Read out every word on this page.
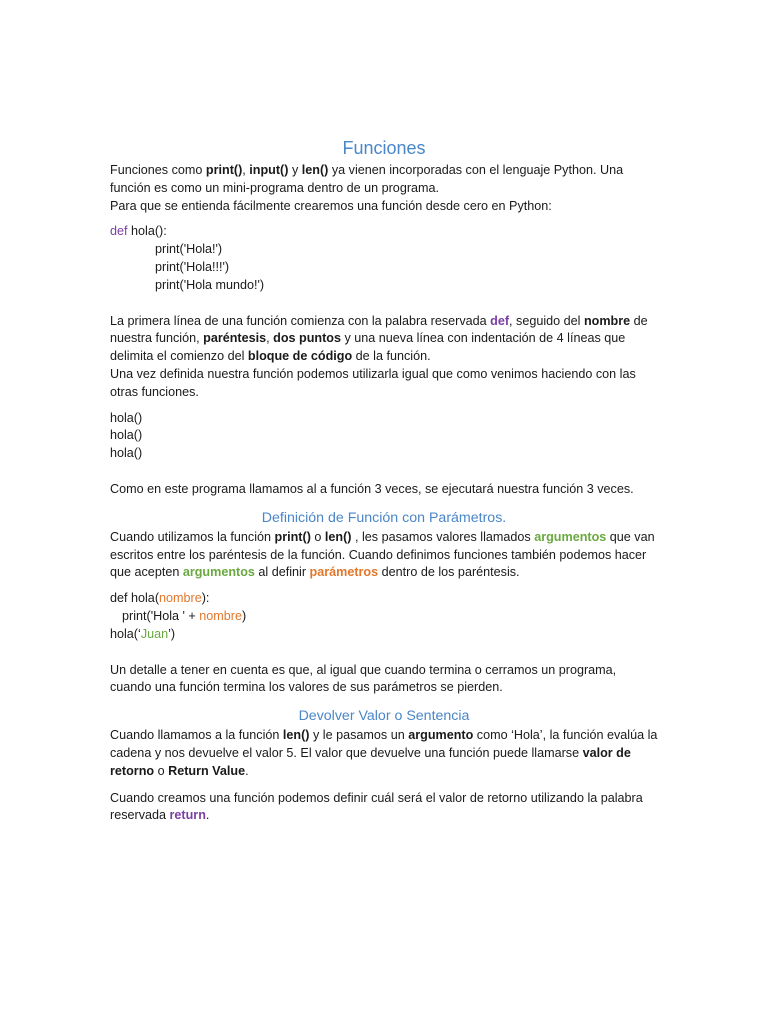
Funciones

Funciones como print(), input() y len() ya vienen incorporadas con el lenguaje Python. Una función es como un mini-programa dentro de un programa.

Para que se entienda fácilmente crearemos una función desde cero en Python:

def hola():
print('Hola!')
print('Hola!!!')
print('Hola mundo!')

La primera línea de una función comienza con la palabra reservada def, seguido del nombre de nuestra función, paréntesis, dos puntos y una nueva línea con indentación de 4 líneas que delimita el comienzo del bloque de código de la función.

Una vez definida nuestra función podemos utilizarla igual que como venimos haciendo con las otras funciones.

hola()
hola()
hola()

Como en este programa llamamos al a función 3 veces, se ejecutará nuestra función 3 veces.

Definición de Función con Parámetros.

Cuando utilizamos la función print() o len() , les pasamos valores llamados argumentos que van escritos entre los paréntesis de la función. Cuando definimos funciones también podemos hacer que acepten argumentos al definir parámetros dentro de los paréntesis.

def hola(nombre):
print('Hola ' + nombre)
hola(‘Juan’)

Un detalle a tener en cuenta es que, al igual que cuando termina o cerramos un programa, cuando una función termina los valores de sus parámetros se pierden.

Devolver Valor o Sentencia

Cuando llamamos a la función len() y le pasamos un argumento como ‘Hola’, la función evalúa la cadena y nos devuelve el valor 5. El valor que devuelve una función puede llamarse valor de retorno o Return Value.

Cuando creamos una función podemos definir cuál será el valor de retorno utilizando la palabra reservada return.
